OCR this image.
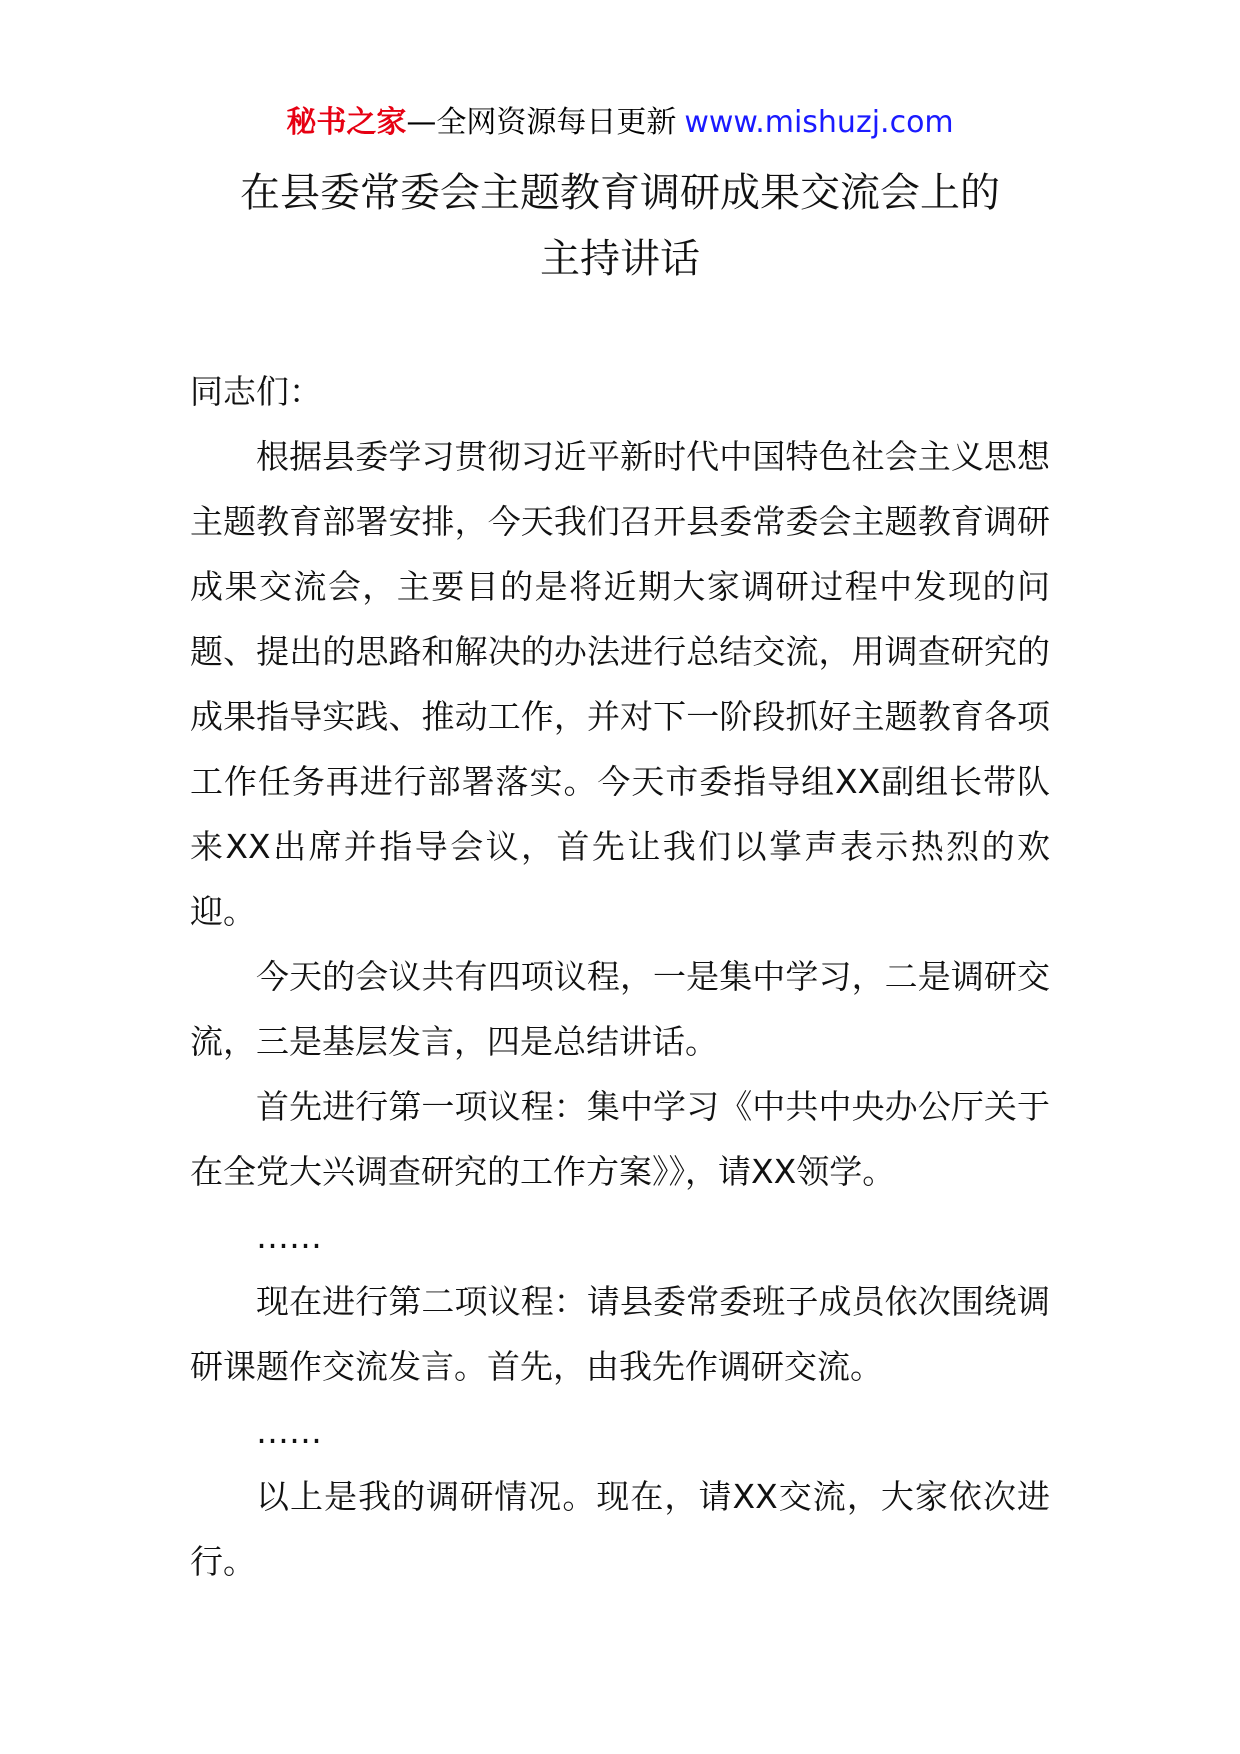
秘书之家—全网资源每日更新 www.mishuzj.com
在县委常委会主题教育调研成果交流会上的
主持讲话

同志们：

根据县委学习贯彻习近平新时代中国特色社会主义思想主题教育部署安排，今天我们召开县委常委会主题教育调研成果交流会，主要目的是将近期大家调研过程中发现的问题、提出的思路和解决的办法进行总结交流，用调查研究的成果指导实践、推动工作，并对下一阶段抓好主题教育各项工作任务再进行部署落实。今天市委指导组XX副组长带队来XX出席并指导会议，首先让我们以掌声表示热烈的欢迎。

今天的会议共有四项议程，一是集中学习，二是调研交流，三是基层发言，四是总结讲话。

首先进行第一项议程：集中学习《中共中央办公厅关于在全党大兴调查研究的工作方案》》，请XX领学。

……

现在进行第二项议程：请县委常委班子成员依次围绕调研课题作交流发言。首先，由我先作调研交流。

……

以上是我的调研情况。现在，请XX交流，大家依次进行。
